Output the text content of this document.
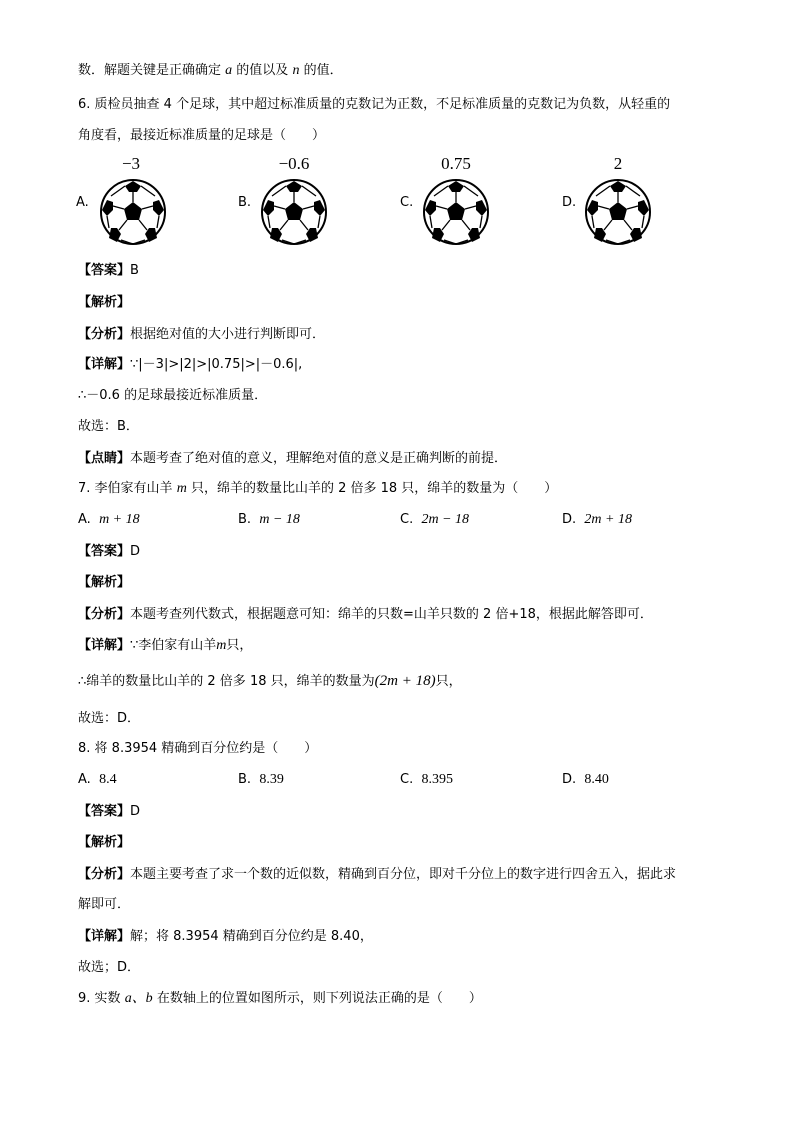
数．解题关键是正确确定 a 的值以及 n 的值．
6. 质检员抽查 4 个足球，其中超过标准质量的克数记为正数，不足标准质量的克数记为负数，从轻重的
角度看，最接近标准质量的足球是（　　）
−3	−0.6	0.75	2
A.	B.	C.	D.
【答案】B
【解析】
【分析】根据绝对值的大小进行判断即可．
【详解】∵|－3|>|2|>|0.75|>|－0.6|,
∴－0.6 的足球最接近标准质量．
故选：B．
【点睛】本题考查了绝对值的意义，理解绝对值的意义是正确判断的前提．
7. 李伯家有山羊 m 只，绵羊的数量比山羊的 2 倍多 18 只，绵羊的数量为（　　）
A. m + 18	B. m − 18	C. 2m − 18	D. 2m + 18
【答案】D
【解析】
【分析】本题考查列代数式，根据题意可知：绵羊的只数=山羊只数的 2 倍+18，根据此解答即可．
【详解】∵李伯家有山羊m只，
∴绵羊的数量比山羊的 2 倍多 18 只，绵羊的数量为(2m + 18)只，
故选：D．
8. 将 8.3954 精确到百分位约是（　　）
A. 8.4	B. 8.39	C. 8.395	D. 8.40
【答案】D
【解析】
【分析】本题主要考查了求一个数的近似数，精确到百分位，即对千分位上的数字进行四舍五入，据此求
解即可．
【详解】解；将 8.3954 精确到百分位约是 8.40，
故选；D．
9. 实数 a、b 在数轴上的位置如图所示，则下列说法正确的是（　　）
